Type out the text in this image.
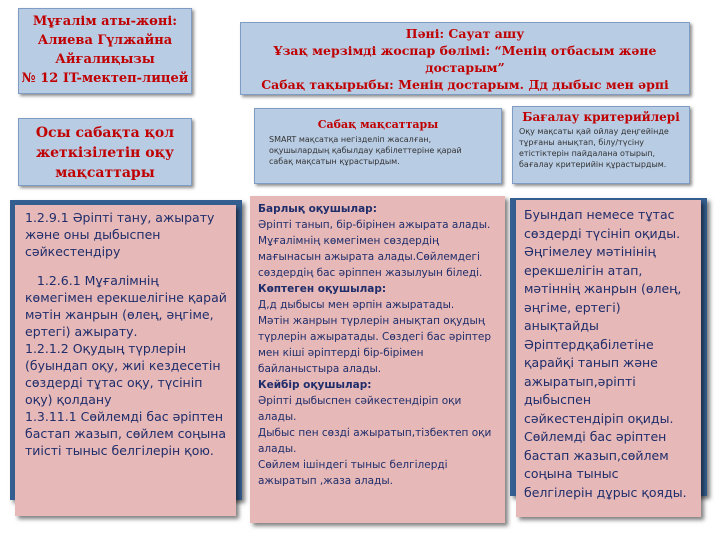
Мұғалім аты-жөні:
Алиева Гүлжайна
Айғалиқызы
№ 12 IT-мектеп-лицей
Пәні: Сауат ашу
Ұзақ мерзімді жоспар бөлімі: “Менің отбасым және
достарым”
Сабақ тақырыбы: Менің достарым. Дд дыбыс мен әрпі
Осы сабақта қол жеткізілетін оқу мақсаттары
Сабақ мақсаттары
SMART мақсатқа негізделіп жасалған, оқушылардың қабылдау қабілеттеріне қарай сабақ мақсатын құрастырдым.
Бағалау критерийлері
Оқу мақсаты қай ойлау деңгейінде тұрғаны анықтап, білу/түсіну етістіктерін пайдалана отырып, бағалау критерийін құрастырдым.
1.2.9.1 Әріпті тану, ажырату және оны дыбыспен сәйкестендіру
1.2.6.1 Мұғалімнің көмегімен ерекшелігіне қарай мәтін жанрын (өлең, әңгіме, ертегі) ажырату.
1.2.1.2 Оқудың түрлерін (буындап оқу, жиі кездесетін сөздерді тұтас оқу, түсініп оқу) қолдану
1.3.11.1 Сөйлемді бас әріптен бастап жазып, сөйлем соңына тиісті тыныс белгілерін қою.
Барлық оқушылар:
Әріпті танып, бір-бірінен ажырата алады.
Мұғалімнің көмегімен сөздердің мағынасын ажырата алады.Сөйлемдегі сөздердің бас әріппен жазылуын біледі.
Көптеген оқушылар:
Д,д дыбысы мен әрпін ажыратады.
Мәтін жанрын түрлерін анықтап оқудың түрлерін ажыратады. Сөздегі бас әріптер мен кіші әріптерді бір-бірімен байланыстыра алады.
Кейбір оқушылар:
Әріпті дыбыспен сәйкестендіріп оқи алады.
Дыбыс пен сөзді ажыратып,тізбектеп оқи алады.
Сөйлем ішіндегі тыныс белгілерді ажыратып ,жаза алады.
Буындап немесе тұтас
сөздерді түсініп оқиды.
Әңгімелеу мәтінінің
ерекшелігін атап,
мәтіннің жанрын (өлең,
әңгіме, ертегі)
анықтайды
Әріптердқабілетіне
қарайқі танып және
ажыратып,әріпті
дыбыспен
сәйкестендіріп оқиды.
Сөйлемді бас әріптен
бастап жазып,сөйлем
соңына тыныс
белгілерін дұрыс қояды.
